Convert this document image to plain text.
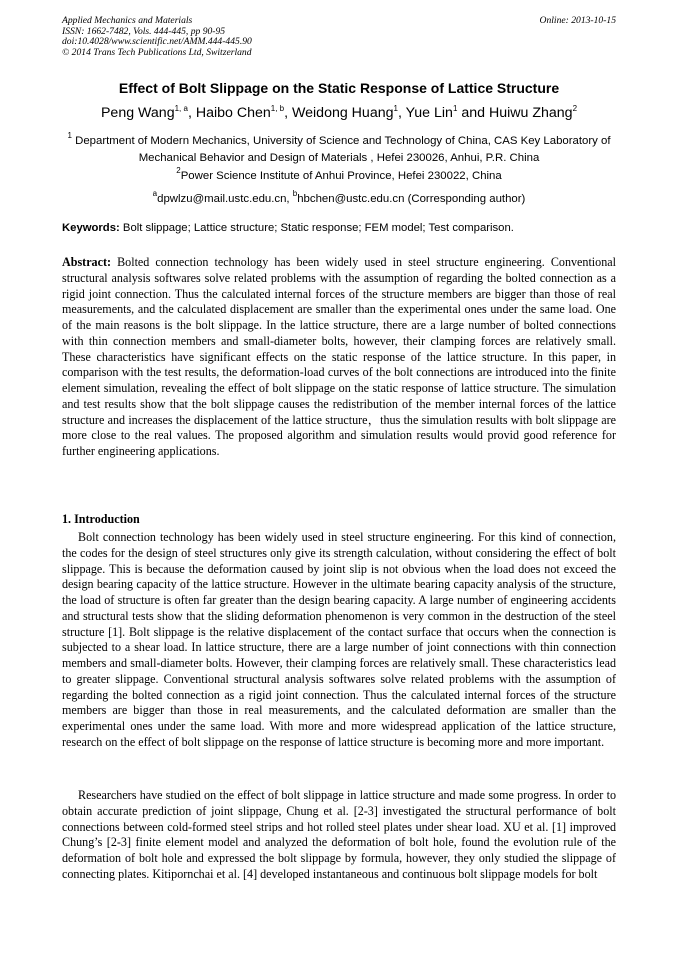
Applied Mechanics and Materials
ISSN: 1662-7482, Vols. 444-445, pp 90-95
doi:10.4028/www.scientific.net/AMM.444-445.90
© 2014 Trans Tech Publications Ltd, Switzerland
Online: 2013-10-15
Effect of Bolt Slippage on the Static Response of Lattice Structure
Peng Wang$^{1, a}$, Haibo Chen$^{1, b}$, Weidong Huang$^1$, Yue Lin$^1$ and Huiwu Zhang$^2$
$^1$ Department of Modern Mechanics, University of Science and Technology of China, CAS Key Laboratory of Mechanical Behavior and Design of Materials , Hefei 230026, Anhui, P.R. China
$^2$Power Science Institute of Anhui Province, Hefei 230022, China
$^a$dpwlzu@mail.ustc.edu.cn, $^b$hbchen@ustc.edu.cn (Corresponding author)
Keywords: Bolt slippage; Lattice structure; Static response; FEM model; Test comparison.
Abstract: Bolted connection technology has been widely used in steel structure engineering. Conventional structural analysis softwares solve related problems with the assumption of regarding the bolted connection as a rigid joint connection. Thus the calculated internal forces of the structure members are bigger than those of real measurements, and the calculated displacement are smaller than the experimental ones under the same load. One of the main reasons is the bolt slippage. In the lattice structure, there are a large number of bolted connections with thin connection members and small-diameter bolts, however, their clamping forces are relatively small. These characteristics have significant effects on the static response of the lattice structure. In this paper, in comparison with the test results, the deformation-load curves of the bolt connections are introduced into the finite element simulation, revealing the effect of bolt slippage on the static response of lattice structure. The simulation and test results show that the bolt slippage causes the redistribution of the member internal forces of the lattice structure and increases the displacement of the lattice structure，thus the simulation results with bolt slippage are more close to the real values. The proposed algorithm and simulation results would provid good reference for further engineering applications.
1. Introduction
Bolt connection technology has been widely used in steel structure engineering. For this kind of connection, the codes for the design of steel structures only give its strength calculation, without considering the effect of bolt slippage. This is because the deformation caused by joint slip is not obvious when the load does not exceed the design bearing capacity of the lattice structure. However in the ultimate bearing capacity analysis of the structure, the load of structure is often far greater than the design bearing capacity. A large number of engineering accidents and structural tests show that the sliding deformation phenomenon is very common in the destruction of the steel structure [1]. Bolt slippage is the relative displacement of the contact surface that occurs when the connection is subjected to a shear load. In lattice structure, there are a large number of joint connections with thin connection members and small-diameter bolts. However, their clamping forces are relatively small. These characteristics lead to greater slippage. Conventional structural analysis softwares solve related problems with the assumption of regarding the bolted connection as a rigid joint connection. Thus the calculated internal forces of the structure members are bigger than those in real measurements, and the calculated deformation are smaller than the experimental ones under the same load. With more and more widespread application of the lattice structure, research on the effect of bolt slippage on the response of lattice structure is becoming more and more important.
Researchers have studied on the effect of bolt slippage in lattice structure and made some progress. In order to obtain accurate prediction of joint slippage, Chung et al. [2-3] investigated the structural performance of bolt connections between cold-formed steel strips and hot rolled steel plates under shear load. XU et al. [1] improved Chung’s [2-3] finite element model and analyzed the deformation of bolt hole, found the evolution rule of the deformation of bolt hole and expressed the bolt slippage by formula, however, they only studied the slippage of connecting plates. Kitipornchai et al. [4] developed instantaneous and continuous bolt slippage models for bolt
